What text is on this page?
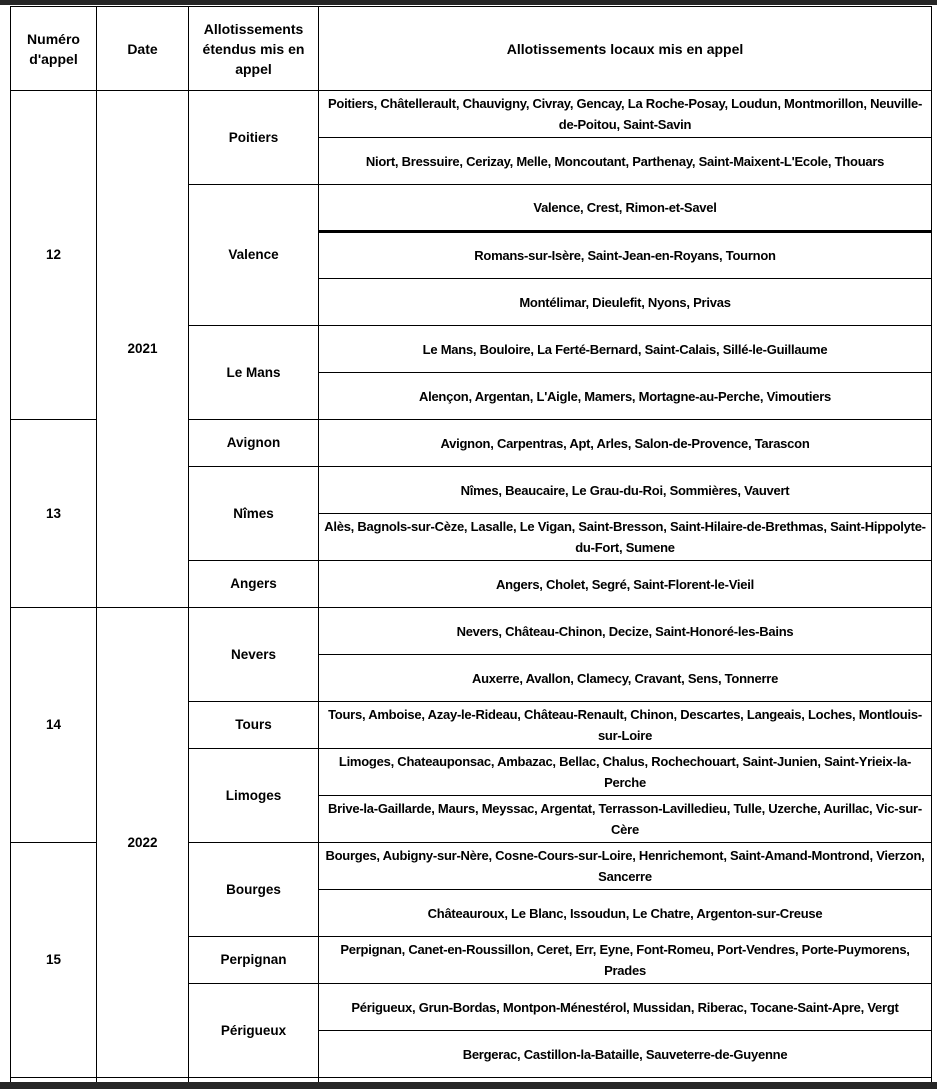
Numéro d'appel	Date	Allotissements étendus mis en appel	Allotissements locaux mis en appel
12	2021	Poitiers	Poitiers, Châtellerault, Chauvigny, Civray, Gencay, La Roche-Posay, Loudun, Montmorillon, Neuville-de-Poitou, Saint-Savin
			Niort, Bressuire, Cerizay, Melle, Moncoutant, Parthenay, Saint-Maixent-L'Ecole, Thouars
		Valence	Valence, Crest, Rimon-et-Savel

			Romans-sur-Isère, Saint-Jean-en-Royans, Tournon
			Montélimar, Dieulefit, Nyons, Privas
		Le Mans	Le Mans, Bouloire, La Ferté-Bernard, Saint-Calais, Sillé-le-Guillaume
			Alençon, Argentan, L'Aigle, Mamers, Mortagne-au-Perche, Vimoutiers
13		Avignon	Avignon, Carpentras, Apt, Arles, Salon-de-Provence, Tarascon
		Nîmes	Nîmes, Beaucaire, Le Grau-du-Roi, Sommières, Vauvert
			Alès, Bagnols-sur-Cèze, Lasalle, Le Vigan, Saint-Bresson, Saint-Hilaire-de-Brethmas, Saint-Hippolyte-du-Fort, Sumene
		Angers	Angers, Cholet, Segré, Saint-Florent-le-Vieil
14	2022	Nevers	Nevers, Château-Chinon, Decize, Saint-Honoré-les-Bains
			Auxerre, Avallon, Clamecy, Cravant, Sens, Tonnerre
		Tours	Tours, Amboise, Azay-le-Rideau, Château-Renault, Chinon, Descartes, Langeais, Loches, Montlouis-sur-Loire
		Limoges	Limoges, Chateauponsac, Ambazac, Bellac, Chalus, Rochechouart, Saint-Junien, Saint-Yrieix-la-Perche
			Brive-la-Gaillarde, Maurs, Meyssac, Argentat, Terrasson-Lavilledieu, Tulle, Uzerche, Aurillac, Vic-sur-Cère
15		Bourges	Bourges, Aubigny-sur-Nère, Cosne-Cours-sur-Loire, Henrichemont, Saint-Amand-Montrond, Vierzon, Sancerre
			Châteauroux, Le Blanc, Issoudun, Le Chatre, Argenton-sur-Creuse
		Perpignan	Perpignan, Canet-en-Roussillon, Ceret, Err, Eyne, Font-Romeu, Port-Vendres, Porte-Puymorens, Prades
		Périgueux	Périgueux, Grun-Bordas, Montpon-Ménestérol, Mussidan, Riberac, Tocane-Saint-Apre, Vergt
			Bergerac, Castillon-la-Bataille, Sauveterre-de-Guyenne
